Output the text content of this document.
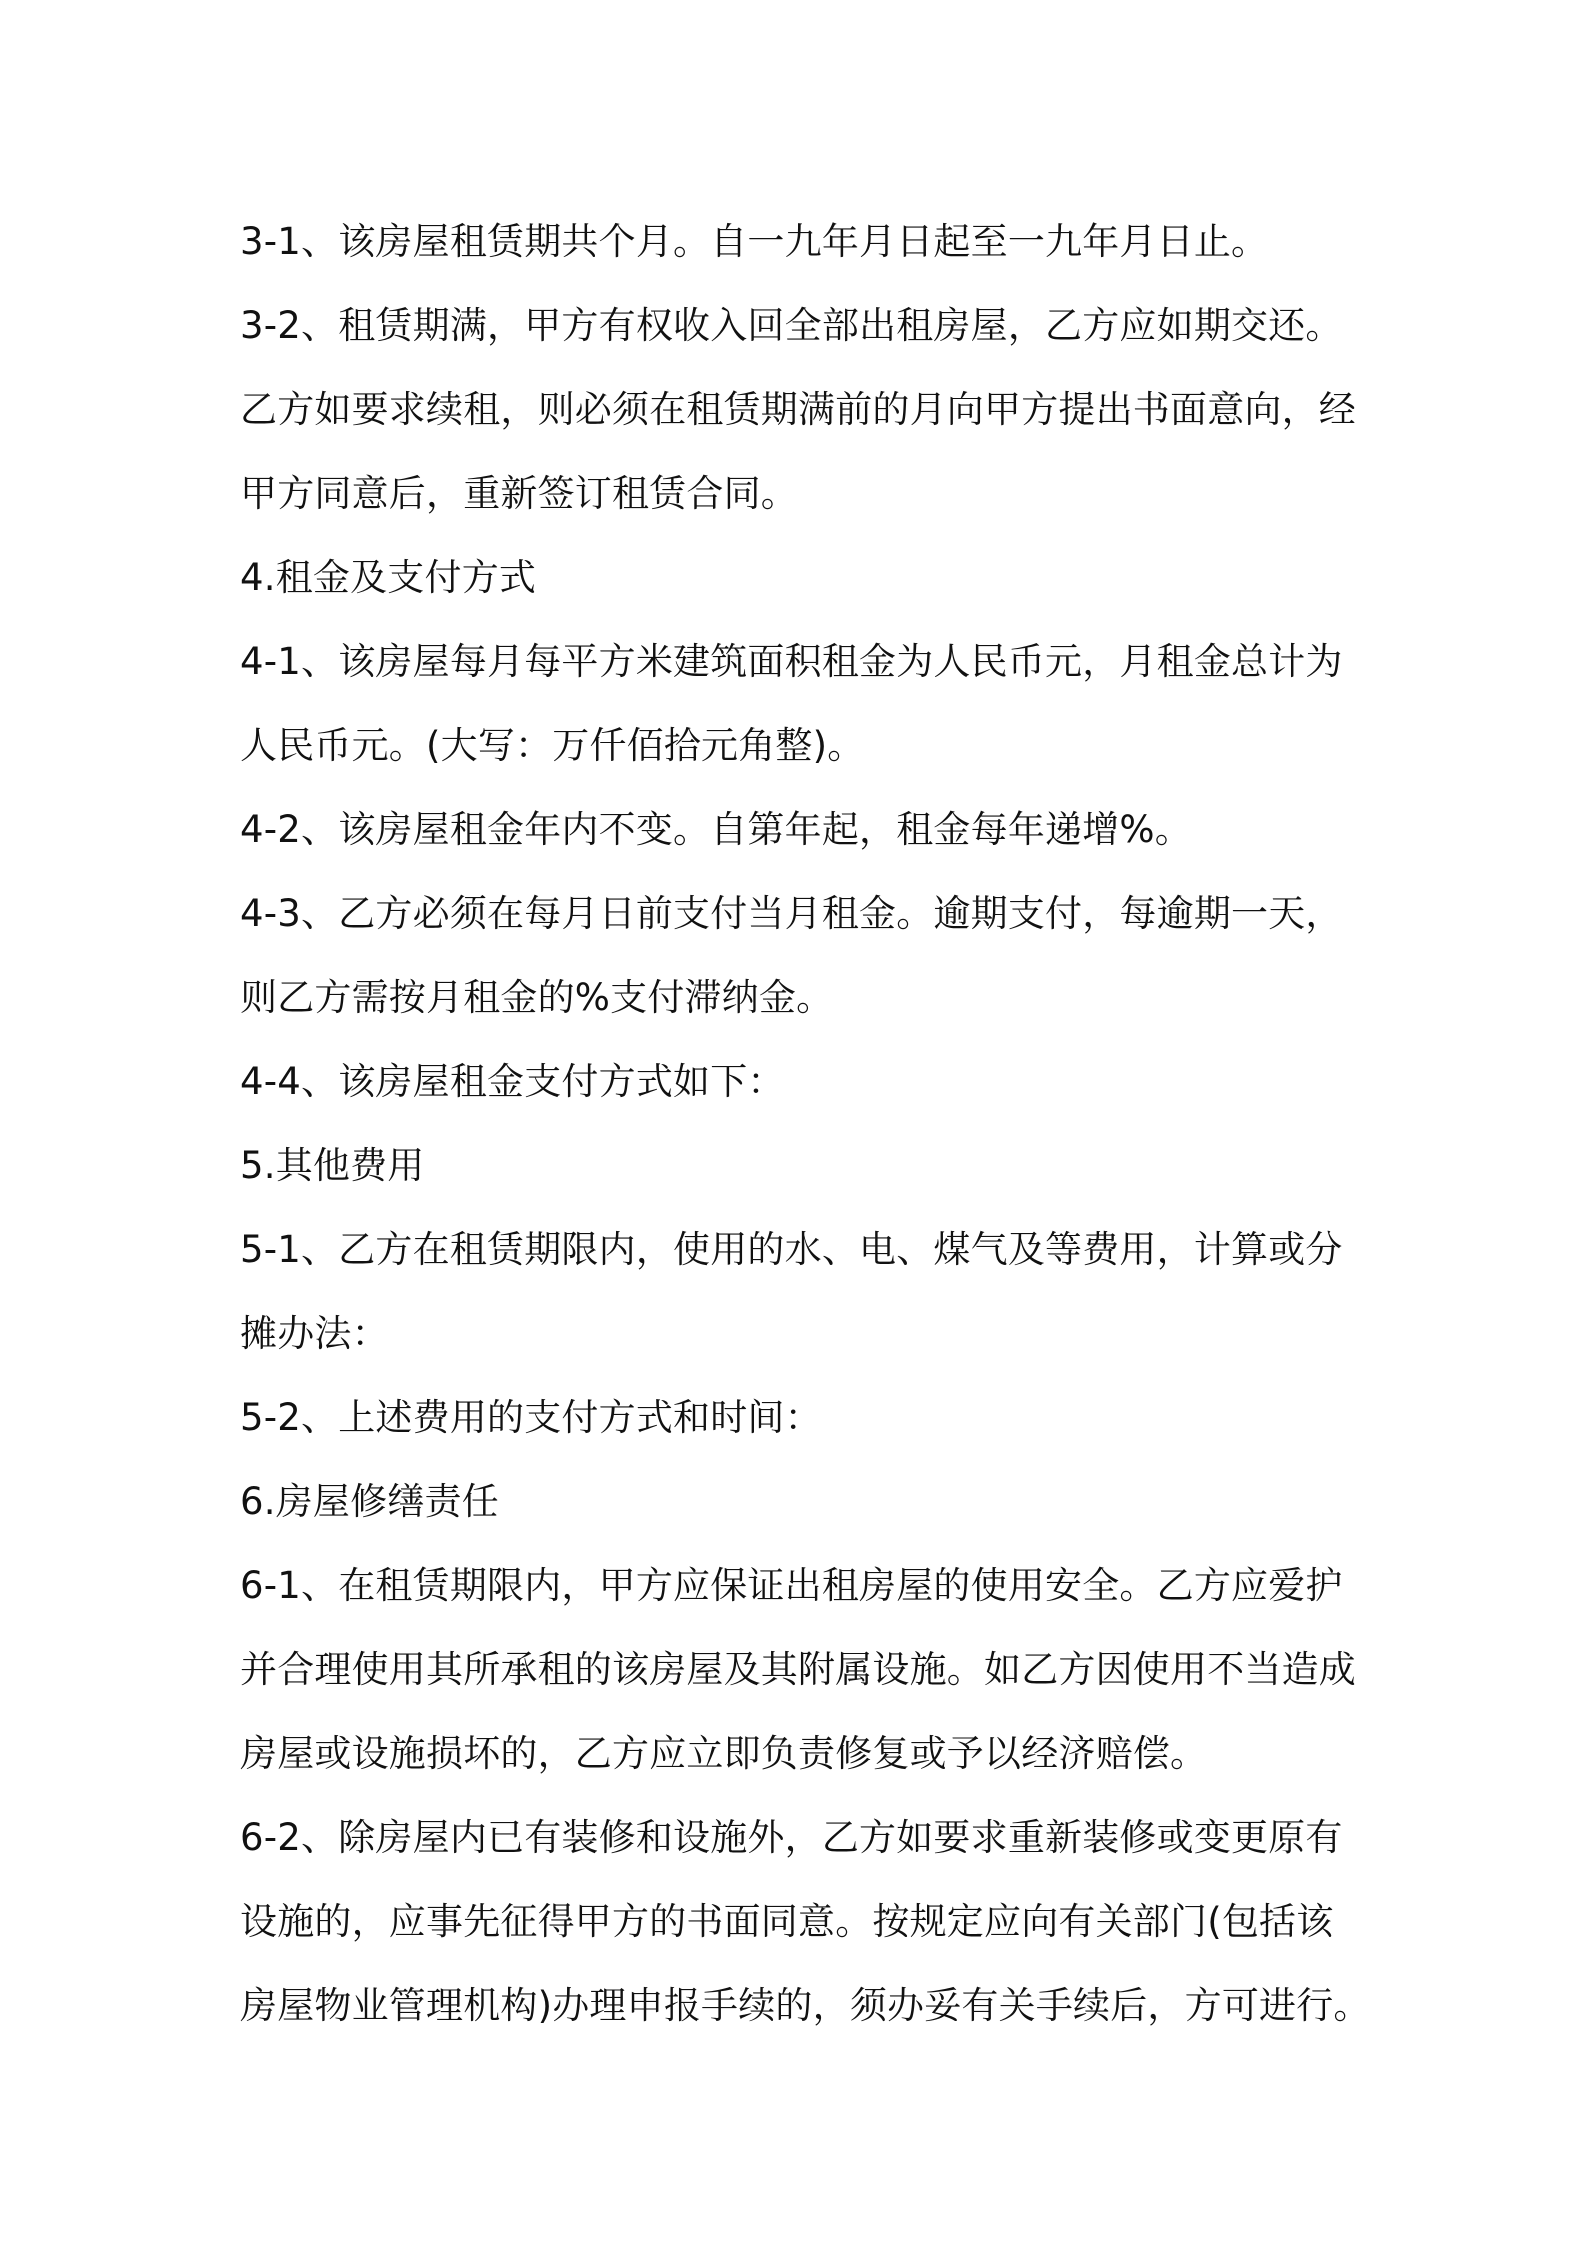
3-1、该房屋租赁期共个月。自一九年月日起至一九年月日止。
3-2、租赁期满，甲方有权收入回全部出租房屋，乙方应如期交还。
乙方如要求续租，则必须在租赁期满前的月向甲方提出书面意向，经
甲方同意后，重新签订租赁合同。
4.租金及支付方式
4-1、该房屋每月每平方米建筑面积租金为人民币元，月租金总计为
人民币元。(大写：万仟佰拾元角整)。
4-2、该房屋租金年内不变。自第年起，租金每年递增%。
4-3、乙方必须在每月日前支付当月租金。逾期支付，每逾期一天，
则乙方需按月租金的%支付滞纳金。
4-4、该房屋租金支付方式如下：
5.其他费用
5-1、乙方在租赁期限内，使用的水、电、煤气及等费用，计算或分
摊办法：
5-2、上述费用的支付方式和时间：
6.房屋修缮责任
6-1、在租赁期限内，甲方应保证出租房屋的使用安全。乙方应爱护
并合理使用其所承租的该房屋及其附属设施。如乙方因使用不当造成
房屋或设施损坏的，乙方应立即负责修复或予以经济赔偿。
6-2、除房屋内已有装修和设施外，乙方如要求重新装修或变更原有
设施的，应事先征得甲方的书面同意。按规定应向有关部门(包括该
房屋物业管理机构)办理申报手续的，须办妥有关手续后，方可进行。
